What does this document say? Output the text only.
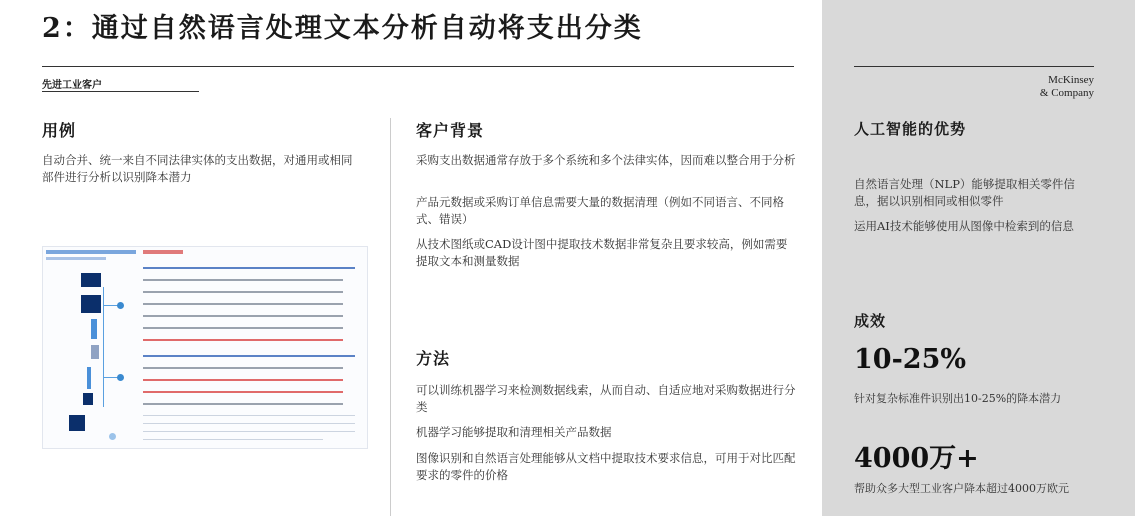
2：通过自然语言处理文本分析自动将支出分类
先进工业客户
用例
自动合并、统一来自不同法律实体的支出数据，对通用或相同部件进行分析以识别降本潜力
客户背景
采购支出数据通常存放于多个系统和多个法律实体，因而难以整合用于分析
产品元数据或采购订单信息需要大量的数据清理（例如不同语言、不同格式、错误）
从技术图纸或CAD设计图中提取技术数据非常复杂且要求较高，例如需要提取文本和测量数据
方法
可以训练机器学习来检测数据线索，从而自动、自适应地对采购数据进行分类
机器学习能够提取和清理相关产品数据
图像识别和自然语言处理能够从文档中提取技术要求信息，可用于对比匹配要求的零件的价格
McKinsey
& Company
人工智能的优势
自然语言处理（NLP）能够提取相关零件信息，据以识别相同或相似零件
运用AI技术能够使用从图像中检索到的信息
成效
10-25%
针对复杂标准件识别出10-25%的降本潜力
4000万+
帮助众多大型工业客户降本超过4000万欧元
